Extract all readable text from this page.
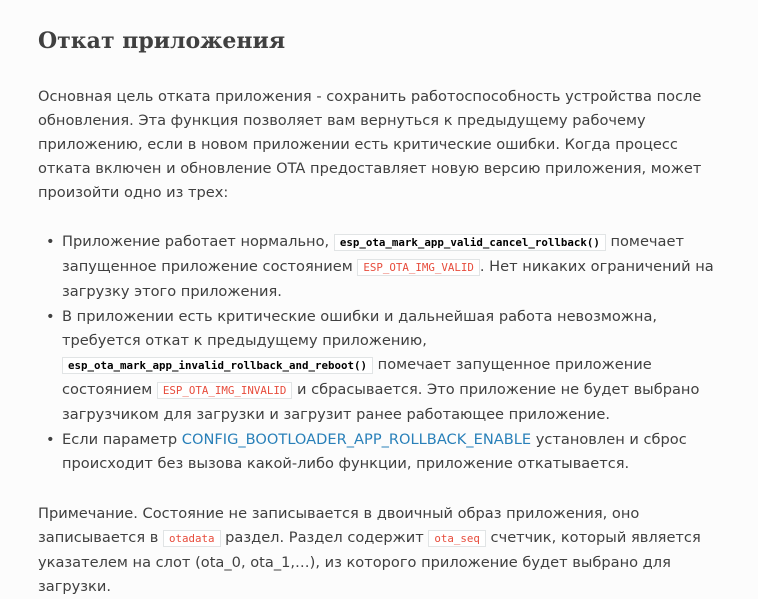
Откат приложения

Основная цель отката приложения - сохранить работоспособность устройства после обновления. Эта функция позволяет вам вернуться к предыдущему рабочему приложению, если в новом приложении есть критические ошибки. Когда процесс отката включен и обновление OTA предоставляет новую версию приложения, может произойти одно из трех:

• Приложение работает нормально, esp_ota_mark_app_valid_cancel_rollback() помечает запущенное приложение состоянием ESP_OTA_IMG_VALID . Нет никаких ограничений на загрузку этого приложения.
• В приложении есть критические ошибки и дальнейшая работа невозможна, требуется откат к предыдущему приложению, esp_ota_mark_app_invalid_rollback_and_reboot() помечает запущенное приложение состоянием ESP_OTA_IMG_INVALID и сбрасывается. Это приложение не будет выбрано загрузчиком для загрузки и загрузит ранее работающее приложение.
• Если параметр CONFIG_BOOTLOADER_APP_ROLLBACK_ENABLE установлен и сброс происходит без вызова какой-либо функции, приложение откатывается.

Примечание. Состояние не записывается в двоичный образ приложения, оно записывается в otadata раздел. Раздел содержит ota_seq счетчик, который является указателем на слот (ota_0, ota_1,…), из которого приложение будет выбрано для загрузки.
